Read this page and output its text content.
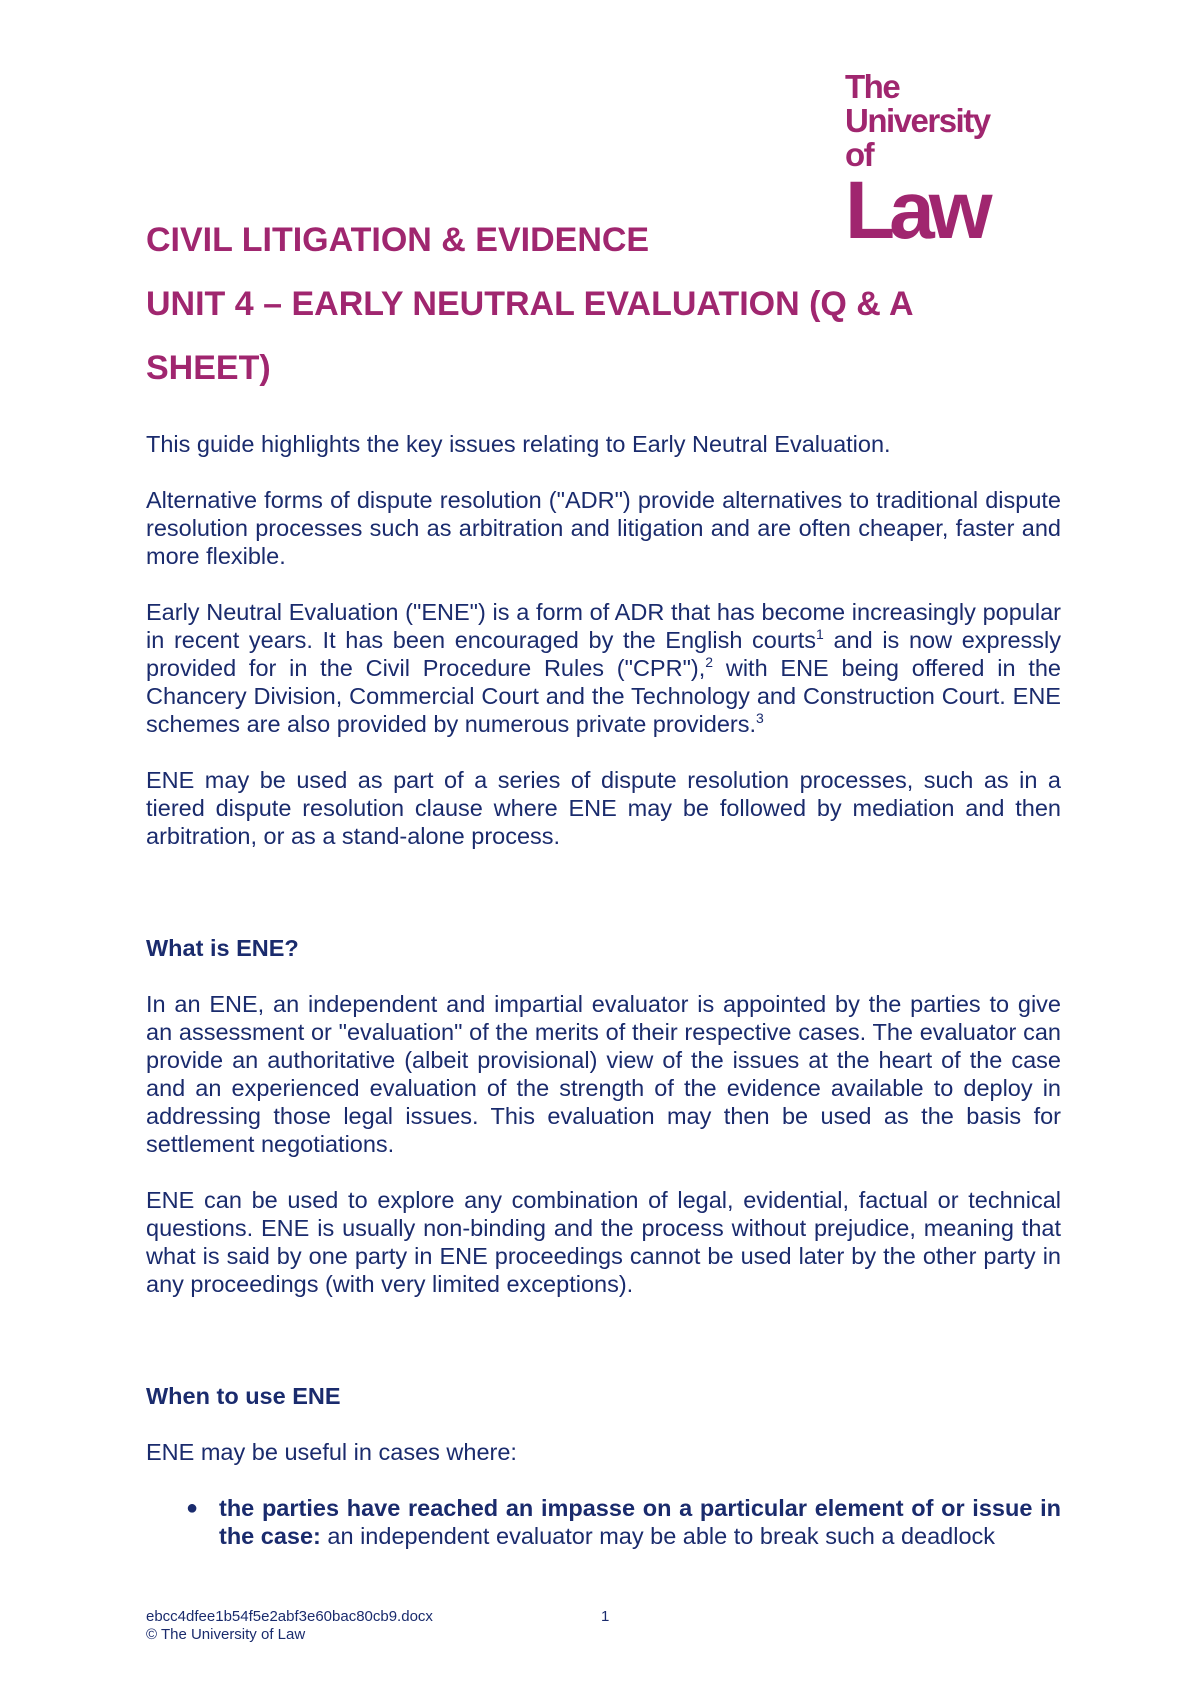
The
University of
Law
CIVIL LITIGATION & EVIDENCE
UNIT 4 – EARLY NEUTRAL EVALUATION (Q & A
SHEET)

This guide highlights the key issues relating to Early Neutral Evaluation.

Alternative forms of dispute resolution ("ADR") provide alternatives to traditional dispute resolution processes such as arbitration and litigation and are often cheaper, faster and more flexible.

Early Neutral Evaluation ("ENE") is a form of ADR that has become increasingly popular in recent years. It has been encouraged by the English courts$^1$ and is now expressly provided for in the Civil Procedure Rules ("CPR"),$^2$ with ENE being offered in the Chancery Division, Commercial Court and the Technology and Construction Court. ENE schemes are also provided by numerous private providers.$^3$

ENE may be used as part of a series of dispute resolution processes, such as in a tiered dispute resolution clause where ENE may be followed by mediation and then arbitration, or as a stand-alone process.

What is ENE?

In an ENE, an independent and impartial evaluator is appointed by the parties to give an assessment or "evaluation" of the merits of their respective cases. The evaluator can provide an authoritative (albeit provisional) view of the issues at the heart of the case and an experienced evaluation of the strength of the evidence available to deploy in addressing those legal issues. This evaluation may then be used as the basis for settlement negotiations.

ENE can be used to explore any combination of legal, evidential, factual or technical questions. ENE is usually non-binding and the process without prejudice, meaning that what is said by one party in ENE proceedings cannot be used later by the other party in any proceedings (with very limited exceptions).

When to use ENE

ENE may be useful in cases where:

● the parties have reached an impasse on a particular element of or issue in the case: an independent evaluator may be able to break such a deadlock
ebcc4dfee1b54f5e2abf3e60bac80cb9.docx
© The University of Law
1
